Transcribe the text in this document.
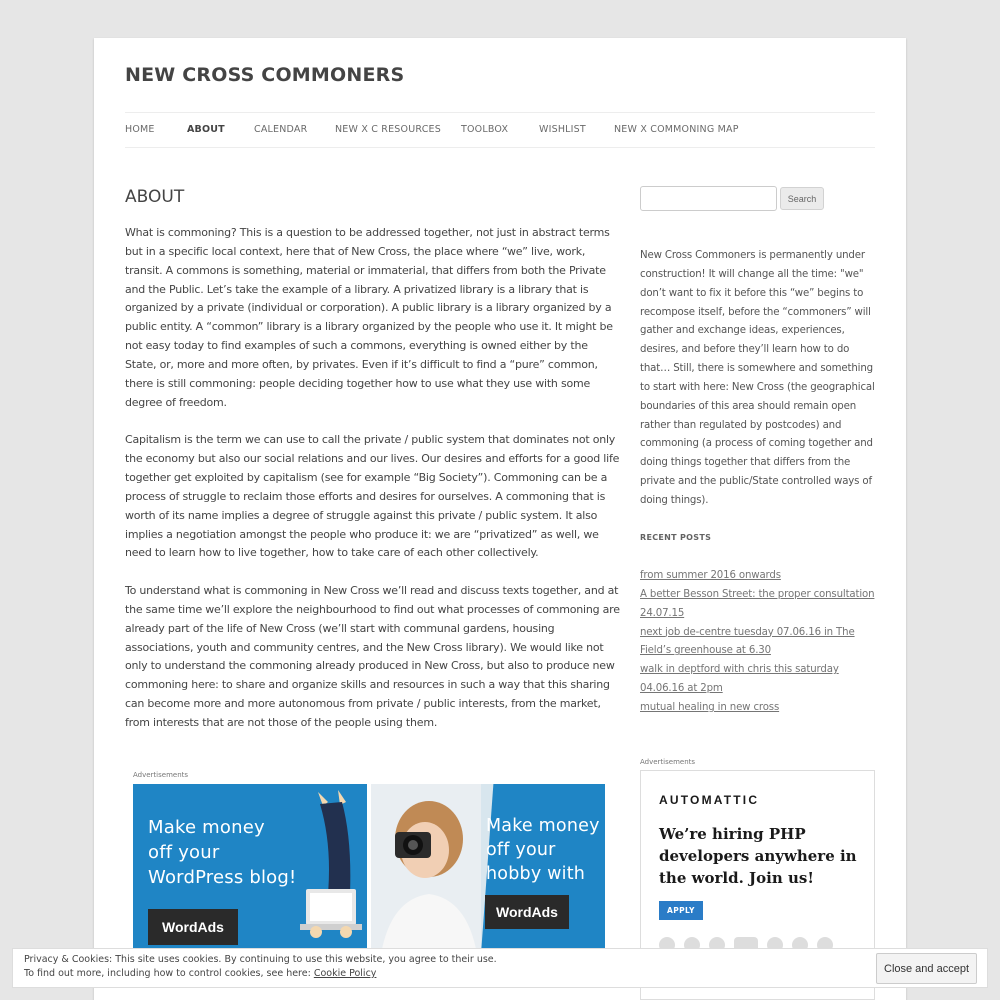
NEW CROSS COMMONERS
HOME	ABOUT	CALENDAR	NEW X C RESOURCES TOOLBOX	WISHLIST	NEW X COMMONING MAP
ABOUT

What is commoning? This is a question to be addressed together, not just in abstract terms but in a specific local context, here that of New Cross, the place where “we” live, work, transit. A commons is something, material or immaterial, that differs from both the Private and the Public. Let’s take the example of a library. A privatized library is a library that is organized by a private (individual or corporation). A public library is a library organized by a public entity. A “common” library is a library organized by the people who use it. It might be not easy today to find examples of such a commons, everything is owned either by the State, or, more and more often, by privates. Even if it’s difficult to find a “pure” common, there is still commoning: people deciding together how to use what they use with some degree of freedom.

Capitalism is the term we can use to call the private / public system that dominates not only the economy but also our social relations and our lives. Our desires and efforts for a good life together get exploited by capitalism (see for example “Big Society”). Commoning can be a process of struggle to reclaim those efforts and desires for ourselves. A commoning that is worth of its name implies a degree of struggle against this private / public system. It also implies a negotiation amongst the people who produce it: we are “privatized” as well, we need to learn how to live together, how to take care of each other collectively.

To understand what is commoning in New Cross we’ll read and discuss texts together, and at the same time we’ll explore the neighbourhood to find out what processes of commoning are already part of the life of New Cross (we’ll start with communal gardens, housing associations, youth and community centres, and the New Cross library). We would like not only to understand the commoning already produced in New Cross, but also to produce new commoning here: to share and organize skills and resources in such a way that this sharing can become more and more autonomous from private / public interests, from the market, from interests that are not those of the people using them.

Advertisements
Make money
off your
WordPress blog!
WordAds
Make money
off your
hobby with
WordAds
Search
New Cross Commoners is permanently under construction! It will change all the time: "we" don’t want to fix it before this “we” begins to recompose itself, before the “commoners” will gather and exchange ideas, experiences, desires, and before they’ll learn how to do that… Still, there is somewhere and something to start with here: New Cross (the geographical boundaries of this area should remain open rather than regulated by postcodes) and commoning (a process of coming together and doing things together that differs from the private and the public/State controlled ways of doing things).
RECENT POSTS
from summer 2016 onwards
A better Besson Street: the proper consultation 24.07.15
next job de-centre tuesday 07.06.16 in The Field’s greenhouse at 6.30
walk in deptford with chris this saturday 04.06.16 at 2pm
mutual healing in new cross
Advertisements
AUTOMATTIC
We’re hiring PHP developers anywhere in the world. Join us!
APPLY
Privacy & Cookies: This site uses cookies. By continuing to use this website, you agree to their use.
To find out more, including how to control cookies, see here: Cookie Policy	Close and accept
